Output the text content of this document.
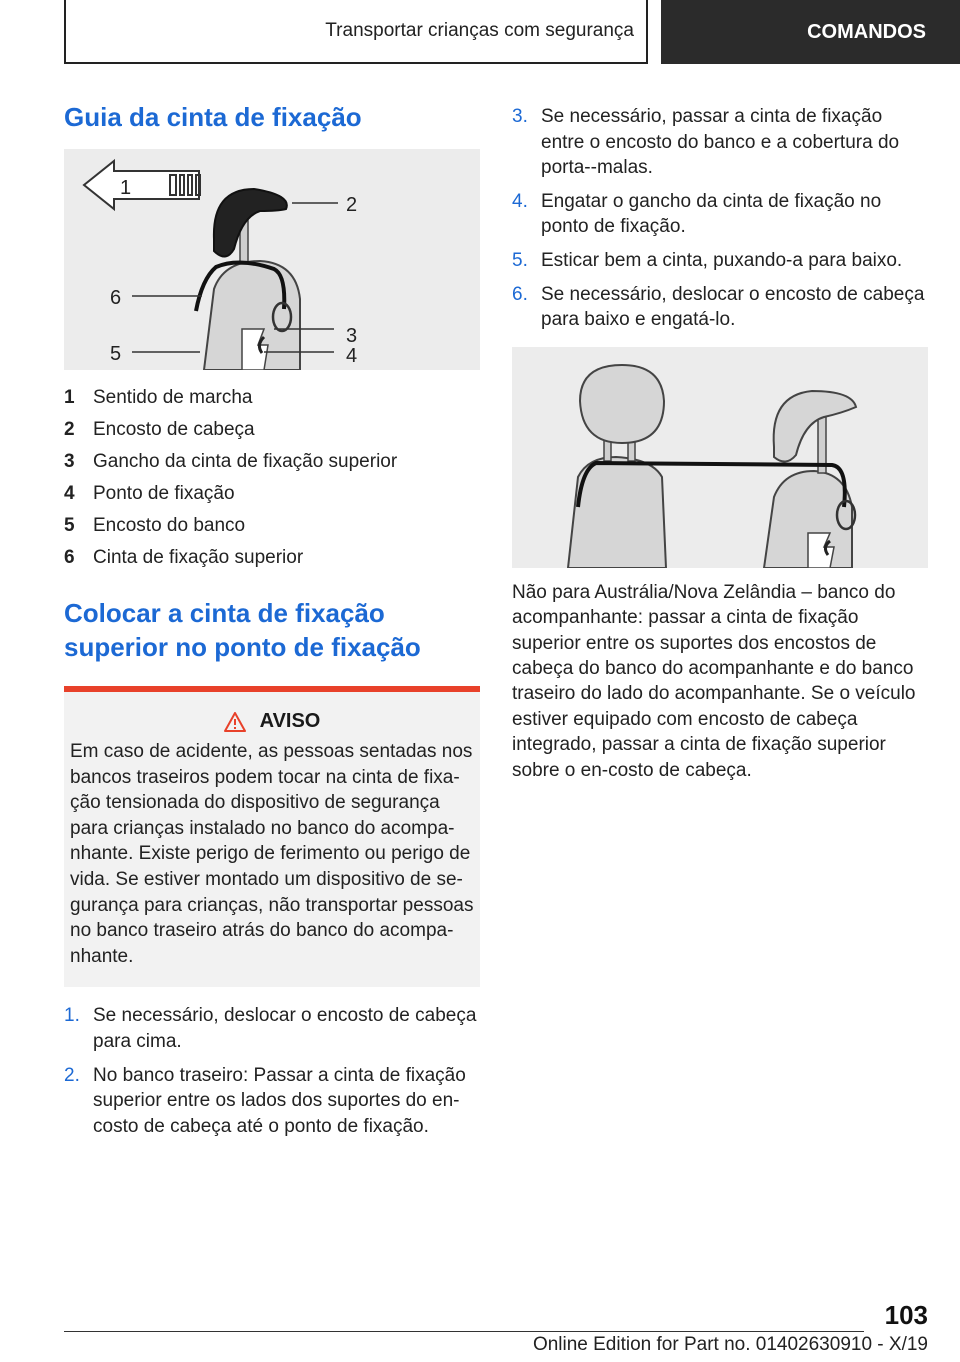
Transportar crianças com segurança	COMANDOS
Guia da cinta de fixação
1
2
3
4
5
6
1 Sentido de marcha
2 Encosto de cabeça
3 Gancho da cinta de fixação superior
4 Ponto de fixação
5 Encosto do banco
6 Cinta de fixação superior
Colocar a cinta de fixação
superior no ponto de fixação
AVISO
Em caso de acidente, as pessoas sentadas nos bancos traseiros podem tocar na cinta de fixa-ção tensionada do dispositivo de segurança para crianças instalado no banco do acompa-nhante. Existe perigo de ferimento ou perigo de vida. Se estiver montado um dispositivo de se-gurança para crianças, não transportar pessoas no banco traseiro atrás do banco do acompa-nhante.
1. Se necessário, deslocar o encosto de cabeça para cima.
2. No banco traseiro: Passar a cinta de fixação superior entre os lados dos suportes do en-costo de cabeça até o ponto de fixação.
3. Se necessário, passar a cinta de fixação entre o encosto do banco e a cobertura do porta--malas.
4. Engatar o gancho da cinta de fixação no ponto de fixação.
5. Esticar bem a cinta, puxando-a para baixo.
6. Se necessário, deslocar o encosto de cabeça para baixo e engatá-lo.
Não para Austrália/Nova Zelândia – banco do acompanhante: passar a cinta de fixação superior entre os suportes dos encostos de cabeça do banco do acompanhante e do banco traseiro do lado do acompanhante. Se o veículo estiver equipado com encosto de cabeça integrado, passar a cinta de fixação superior sobre o en-costo de cabeça.
103
Online Edition for Part no. 01402630910 - X/19
